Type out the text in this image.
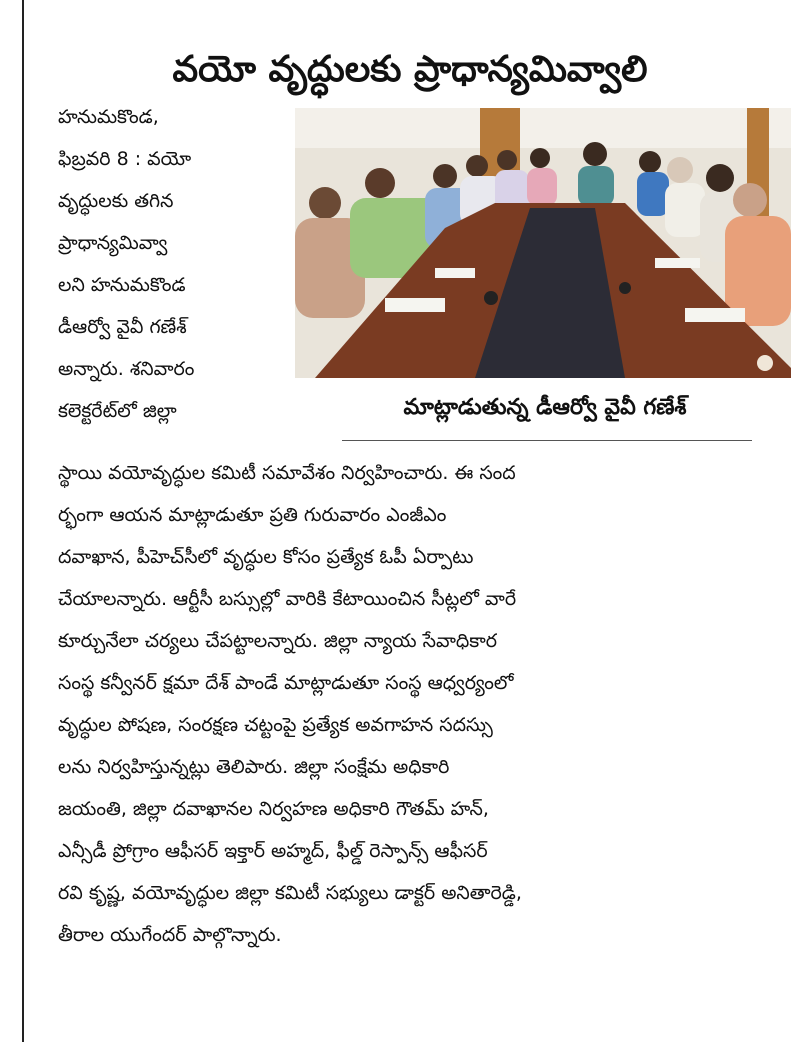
వయో వృద్ధులకు ప్రాధాన్యమివ్వాలి
హనుమకొండ,
ఫిబ్రవరి 8 : వయో
వృద్ధులకు తగిన
ప్రాధాన్యమివ్వా
లని హనుమకొండ
డీఆర్వో వైవీ గణేశ్
అన్నారు. శనివారం
కలెక్టరేట్‌లో జిల్లా	మాట్లాడుతున్న డీఆర్వో వైవీ గణేశ్
స్థాయి వయోవృద్ధుల కమిటీ సమావేశం నిర్వహించారు. ఈ సంద
ర్భంగా ఆయన మాట్లాడుతూ ప్రతి గురువారం ఎంజీఎం
దవాఖాన, పీహెచ్‌సీలో వృద్ధుల కోసం ప్రత్యేక ఓపీ ఏర్పాటు
చేయాలన్నారు. ఆర్టీసీ బస్సుల్లో వారికి కేటాయించిన సీట్లలో వారే
కూర్చునేలా చర్యలు చేపట్టాలన్నారు. జిల్లా న్యాయ సేవాధికార
సంస్థ కన్వీనర్ క్షమా దేశ్ పాండే మాట్లాడుతూ సంస్థ ఆధ్వర్యంలో
వృద్ధుల పోషణ, సంరక్షణ చట్టంపై ప్రత్యేక అవగాహన సదస్సు
లను నిర్వహిస్తున్నట్లు తెలిపారు. జిల్లా సంక్షేమ అధికారి
జయంతి, జిల్లా దవాఖానల నిర్వహణ అధికారి గౌతమ్ హన్,
ఎన్సీడీ ప్రోగ్రాం ఆఫీసర్ ఇక్తార్ అహ్మద్, ఫీల్డ్ రెస్పాన్స్ ఆఫీసర్
రవి కృష్ణ, వయోవృద్ధుల జిల్లా కమిటీ సభ్యులు డాక్టర్ అనితారెడ్డి,
తీరాల యుగేందర్ పాల్గొన్నారు.
